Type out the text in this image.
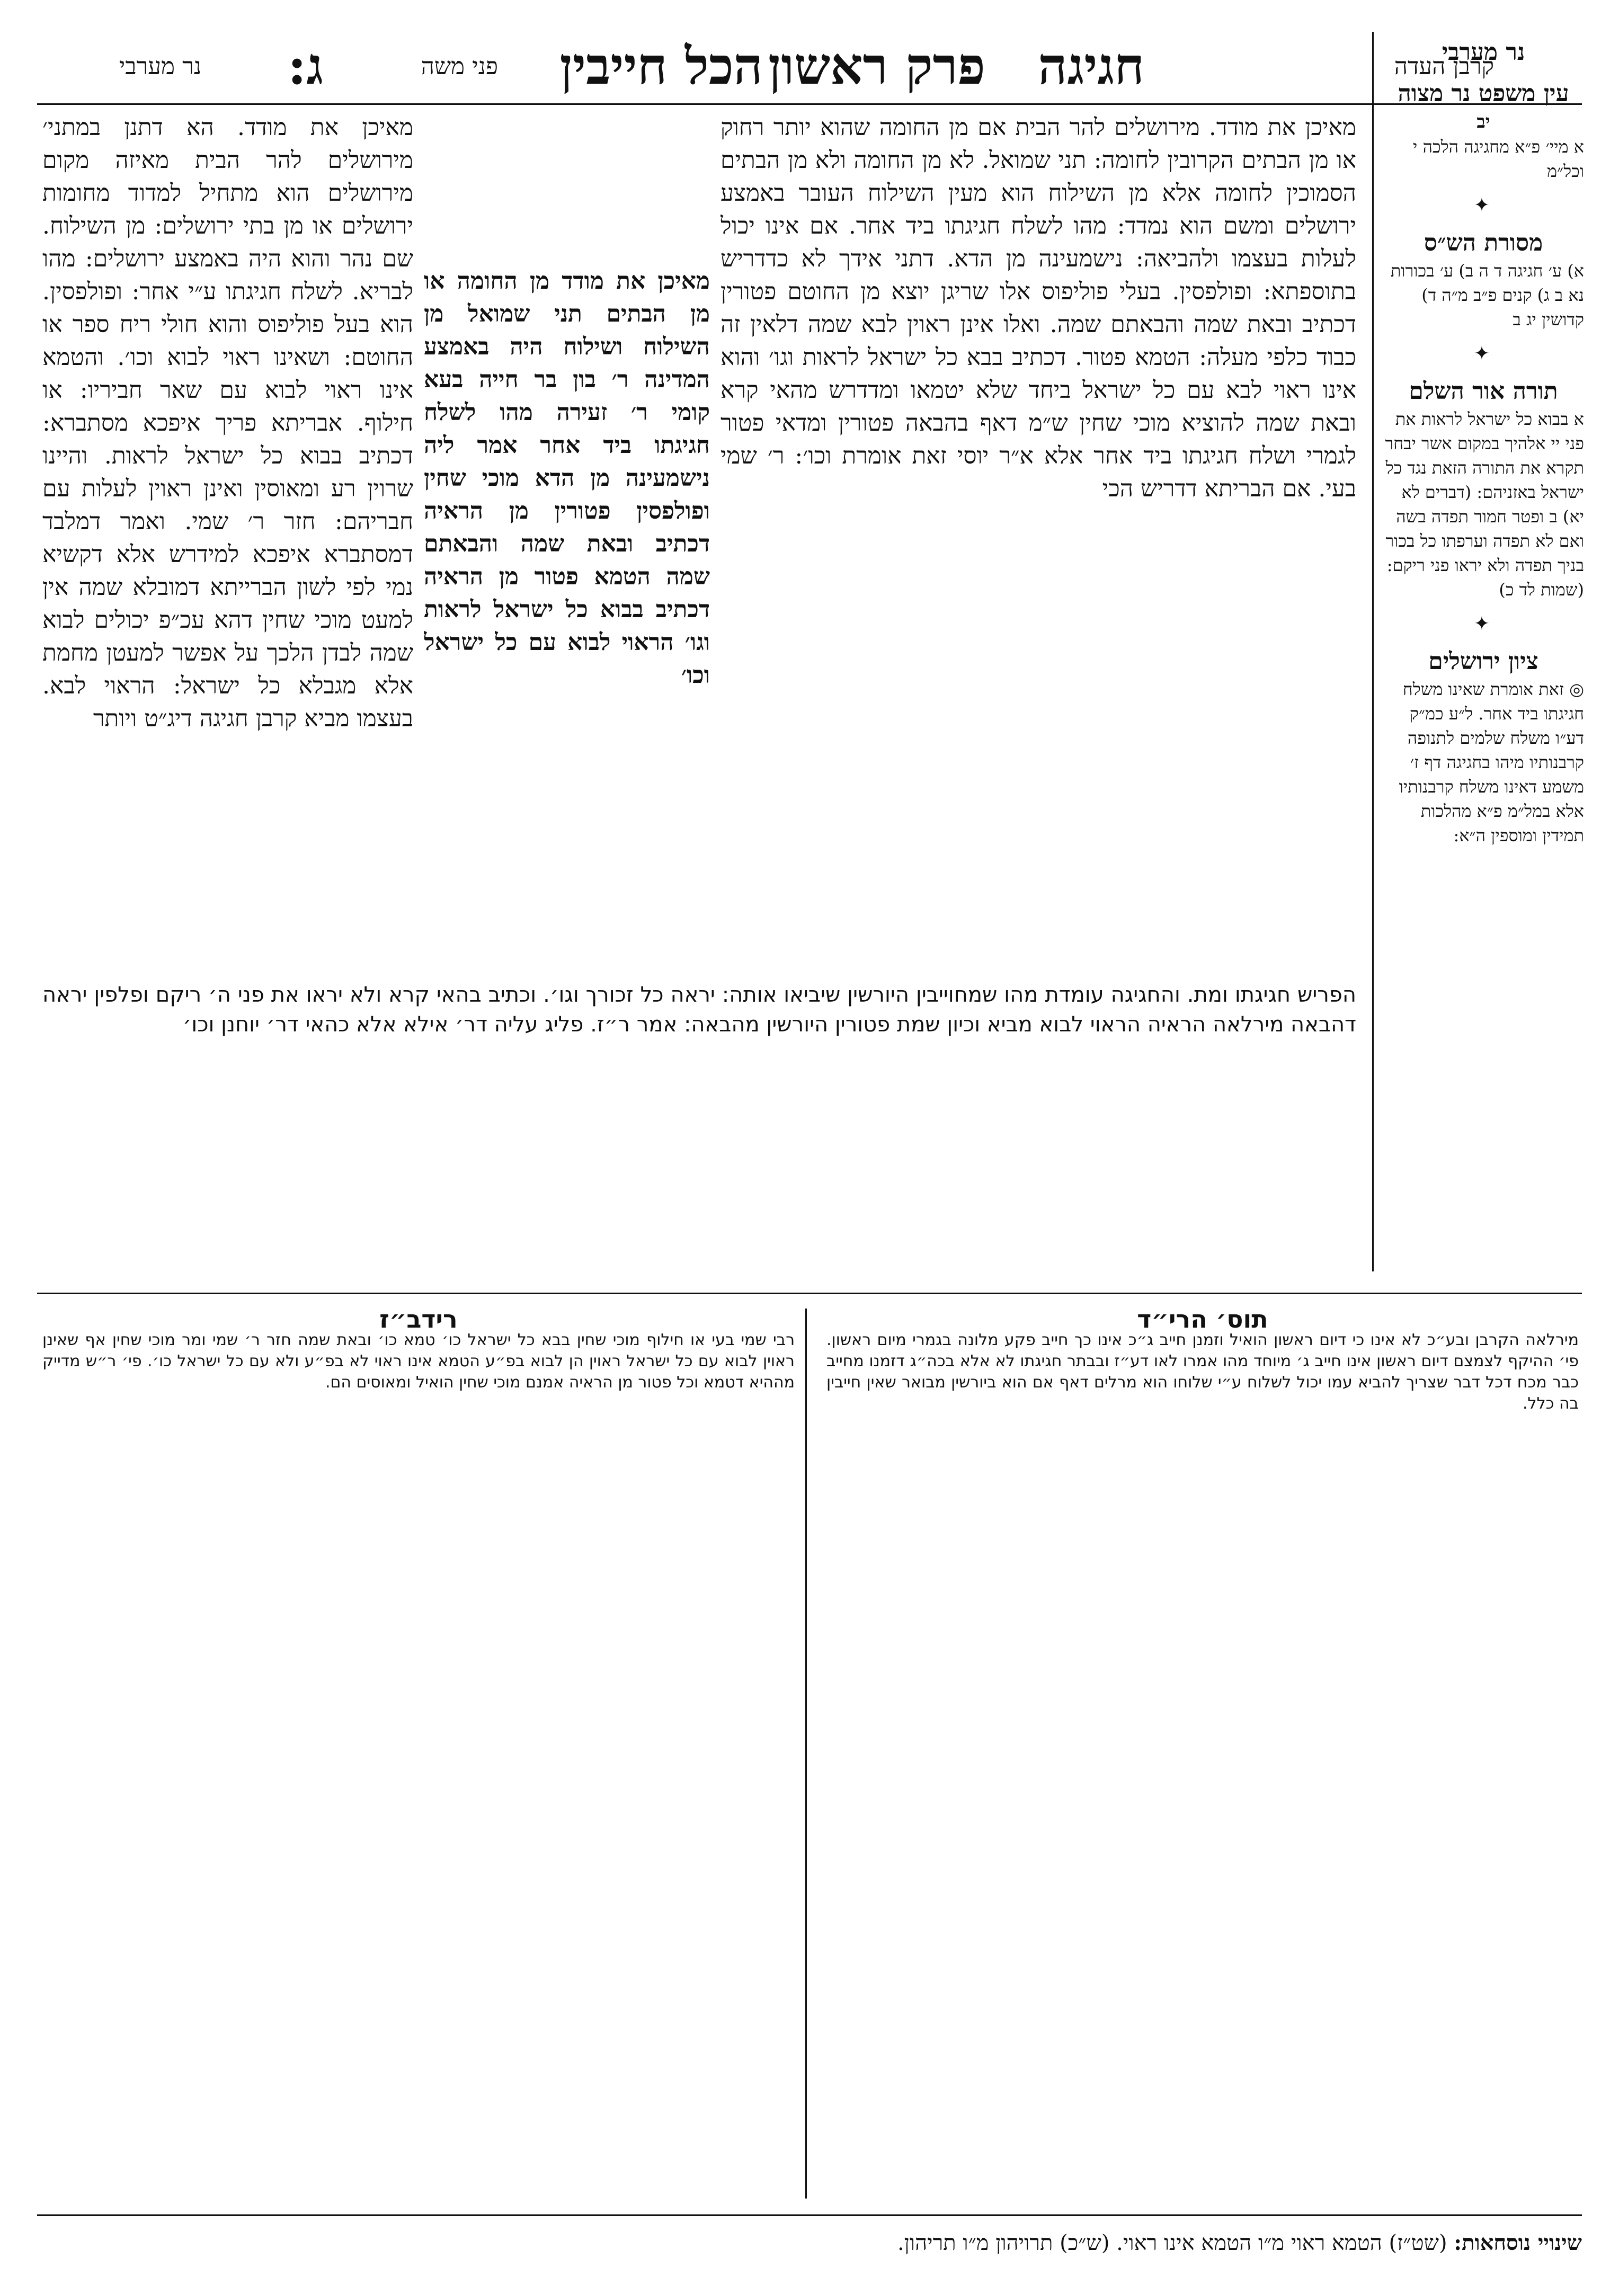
נר מערבי ג:	פני משה הכל חייבין פרק ראשון חגיגה	קרבן העדה
נר מערבי
עין משפט נר מצוה
יב
א מיי׳ פ״א מחגיגה הלכה י וכל״מ
✦
מסורת הש״ס
א) ע׳ חגיגה ד ה ב) ע׳ בכורות נא ב ג) קנים פ״ב מ״ה ד) קדושין יג ב
✦
תורה אור השלם
א בבוא כל ישראל לראות את פני יי אלהיך במקום אשר יבחר תקרא את התורה הזאת נגד כל ישראל באזניהם: (דברים לא יא) ב ופטר חמור תפדה בשה ואם לא תפדה וערפתו כל בכור בניך תפדה ולא יראו פני ריקם: (שמות לד כ)
✦
ציון ירושלים
◎ זאת אומרת שאינו משלח חגיגתו ביד אחר. ל״ע כמ״ק דע״ו משלח שלמים לתנופה קרבנותיו מיהו בחגיגה דף ז׳ משמע דאינו משלח קרבנותיו אלא במל״מ פ״א מהלכות תמידין ומוספין ה״א:
מאיכן את מודד. מירושלים להר הבית אם מן החומה שהוא יותר רחוק או מן הבתים הקרובין לחומה: תני שמואל. לא מן החומה ולא מן הבתים הסמוכין לחומה אלא מן השילוח הוא מעין השילוח העובר באמצע ירושלים ומשם הוא נמדד: מהו לשלח חגיגתו ביד אחר. אם אינו יכול לעלות בעצמו ולהביאה: נישמעינה מן הדא. דתני אידך לא כדדריש בתוספתא: ופולפסין. בעלי פוליפוס אלו שריגן יוצא מן החוטם פטורין דכתיב ובאת שמה והבאתם שמה. ואלו אינן ראוין לבא שמה דלאין זה כבוד כלפי מעלה: הטמא פטור. דכתיב בבא כל ישראל לראות וגו׳ והוא אינו ראוי לבא עם כל ישראל ביחד שלא יטמאו ומדדרש מהאי קרא ובאת שמה להוציא מוכי שחין ש״מ דאף בהבאה פטורין ומדאי פטור לגמרי ושלח חגיגתו ביד אחר אלא א״ר יוסי זאת אומרת וכו׳: ר׳ שמי בעי. אם הבריתא דדריש הכי
מאיכן את מודד מן החומה או מן הבתים תני שמואל מן השילוח ושילוח היה באמצע המדינה ר׳ בון בר חייה בעא קומי ר׳ זעירה מהו לשלח חגיגתו ביד אחר אמר ליה נישמעינה מן הדא מוכי שחין ופולפסין פטורין מן הראיה דכתיב ובאת שמה והבאתם שמה הטמא פטור מן הראיה דכתיב בבוא כל ישראל לראות וגו׳ הראוי לבוא עם כל ישראל וכו׳
מאיכן את מודד. הא דתנן במתני׳ מירושלים להר הבית מאיזה מקום מירושלים הוא מתחיל למדוד מחומות ירושלים או מן בתי ירושלים: מן השילוח. שם נהר והוא היה באמצע ירושלים: מהו לבריא. לשלח חגיגתו ע״י אחר: ופולפסין. הוא בעל פוליפוס והוא חולי ריח ספר או החוטם: ושאינו ראוי לבוא וכו׳. והטמא אינו ראוי לבוא עם שאר חביריו: או חילוף. אבריתא פריך איפכא מסתברא: דכתיב בבוא כל ישראל לראות. והיינו שרוין רע ומאוסין ואינן ראוין לעלות עם חבריהם: חזר ר׳ שמי. ואמר דמלבד דמסתברא איפכא למידרש אלא דקשיא נמי לפי לשון הברייתא דמובלא שמה אין למעט מוכי שחין דהא עכ״פ יכולים לבוא שמה לבדן הלכך על אפשר למעטן מחמת אלא מגבלא כל ישראל: הראוי לבא. בעצמו מביא קרבן חגיגה דיג״ט ויותר
הפריש חגיגתו ומת. והחגיגה עומדת מהו שמחוייבין היורשין שיביאו אותה: יראה כל זכורך וגו׳. וכתיב בהאי קרא ולא יראו את פני ה׳ ריקם ופלפין יראה דהבאה מירלאה הראיה הראוי לבוא מביא וכיון שמת פטורין היורשין מהבאה: אמר ר״ז. פליג עליה דר׳ אילא אלא כהאי דר׳ יוחנן וכו׳
תוס׳ הרי״ד
מירלאה הקרבן ובע״כ לא אינו כי דיום ראשון הואיל וזמנן חייב ג״כ אינו כך חייב פקע מלונה בגמרי מיום ראשון. פי׳ ההיקף לצמצם דיום ראשון אינו חייב ג׳ מיוחד מהו אמרו לאו דע״ז ובבתר חגיגתו לא אלא בכה״ג דזמנו מחייב כבר מכח דכל דבר שצריך להביא עמו יכול לשלוח ע״י שלוחו הוא מרלים דאף אם הוא ביורשין מבואר שאין חייבין בה כלל.
רידב״ז
רבי שמי בעי או חילוף מוכי שחין בבא כל ישראל כו׳ טמא כו׳ ובאת שמה חזר ר׳ שמי ומר מוכי שחין אף שאינן ראוין לבוא עם כל ישראל ראוין הן לבוא בפ״ע הטמא אינו ראוי לא בפ״ע ולא עם כל ישראל כו׳. פי׳ ר״ש מדייק מההיא דטמא וכל פטור מן הראיה אמנם מוכי שחין הואיל ומאוסים הם.
שינויי נוסחאות: (שט״ז) הטמא ראוי מ״ו הטמא אינו ראוי. (ש״כ) תרויהון מ״ו תריהון.
